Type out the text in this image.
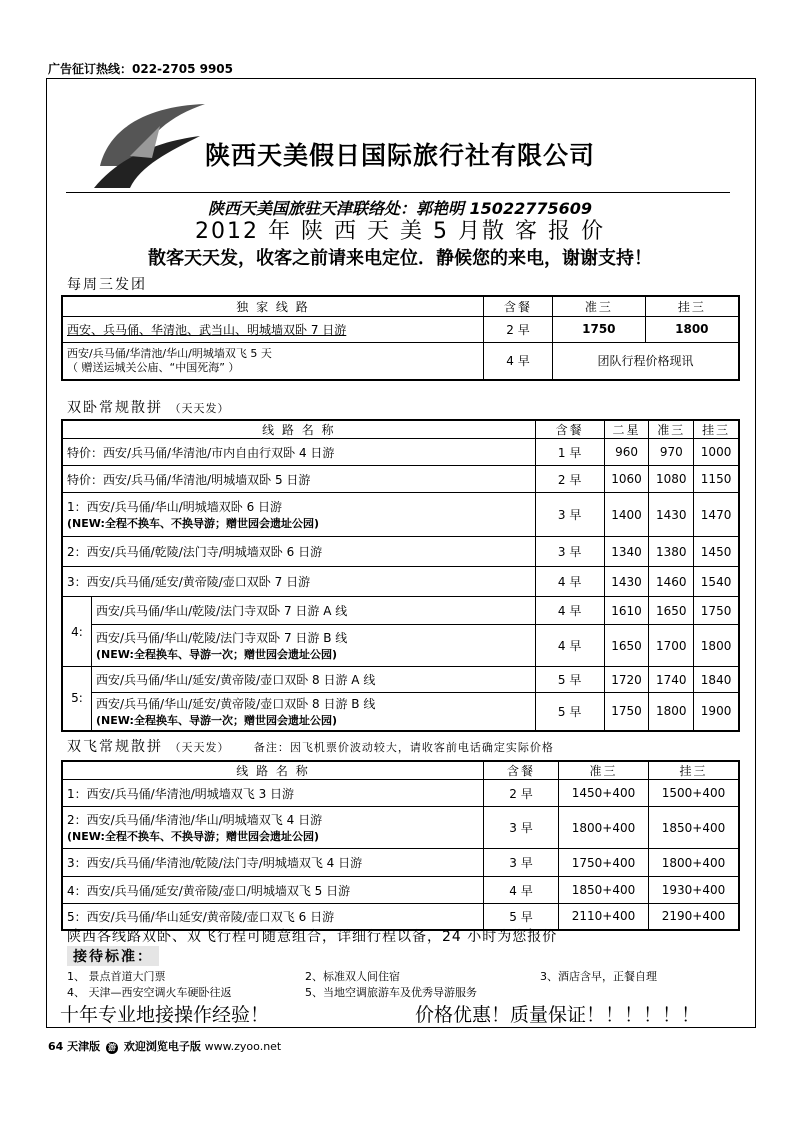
广告征订热线：022-2705 9905
陕西天美假日国际旅行社有限公司
陕西天美国旅驻天津联络处：郭艳明 15022775609
2012 年 陕 西 天 美 5 月散 客 报 价
散客天天发，收客之前请来电定位．静候您的来电，谢谢支持！
每周三发团
独 家 线 路	含餐	准三	挂三
西安、兵马俑、华清池、武当山、明城墙双卧 7 日游	2 早	1750	1800
西安/兵马俑/华清池/华山/明城墙双飞 5 天
（ 赠送运城关公庙、“中国死海” ）	4 早	团队行程价格现讯	
双卧常规散拼 （天天发）
线 路 名 称		含餐	二星	准三	挂三
特价：西安/兵马俑/华清池/市内自由行双卧 4 日游		1 早	960	970	1000
特价：西安/兵马俑/华清池/明城墙双卧 5 日游		2 早	1060	1080	1150
1：西安/兵马俑/华山/明城墙双卧 6 日游
(NEW:全程不换车、不换导游；赠世园会遗址公园)		3 早	1400	1430	1470
2：西安/兵马俑/乾陵/法门寺/明城墙双卧 6 日游		3 早	1340	1380	1450
3：西安/兵马俑/延安/黄帝陵/壶口双卧 7 日游		4 早	1430	1460	1540
4:	西安/兵马俑/华山/乾陵/法门寺双卧 7 日游 A 线	4 早	1610	1650	1750
	西安/兵马俑/华山/乾陵/法门寺双卧 7 日游 B 线
(NEW:全程换车、导游一次；赠世园会遗址公园)	4 早	1650	1700	1800
5:	西安/兵马俑/华山/延安/黄帝陵/壶口双卧 8 日游 A 线	5 早	1720	1740	1840
	西安/兵马俑/华山/延安/黄帝陵/壶口双卧 8 日游 B 线
(NEW:全程换车、导游一次；赠世园会遗址公园)	5 早	1750	1800	1900
双飞常规散拼 （天天发） 备注：因飞机票价波动较大，请收客前电话确定实际价格
线 路 名 称	含餐	准三	挂三
1：西安/兵马俑/华清池/明城墙双飞 3 日游	2 早	1450+400	1500+400
2：西安/兵马俑/华清池/华山/明城墙双飞 4 日游
(NEW:全程不换车、不换导游；赠世园会遗址公园)	3 早	1800+400	1850+400
3：西安/兵马俑/华清池/乾陵/法门寺/明城墙双飞 4 日游	3 早	1750+400	1800+400
4：西安/兵马俑/延安/黄帝陵/壶口/明城墙双飞 5 日游	4 早	1850+400	1930+400
5：西安/兵马俑/华山延安/黄帝陵/壶口双飞 6 日游	5 早	2110+400	2190+400
陕西各线路双卧、双飞行程可随意组合，详细行程以备，24 小时为您报价
接待标准：
1、 景点首道大门票	2、标准双人间住宿	3、酒店含早，正餐自理
4、 天津—西安空调火车硬卧往返	5、当地空调旅游车及优秀导游服务
十年专业地接操作经验！	价格优惠！质量保证！！！！！！
64 天津版 游 欢迎浏览电子版 www.zyoo.net
